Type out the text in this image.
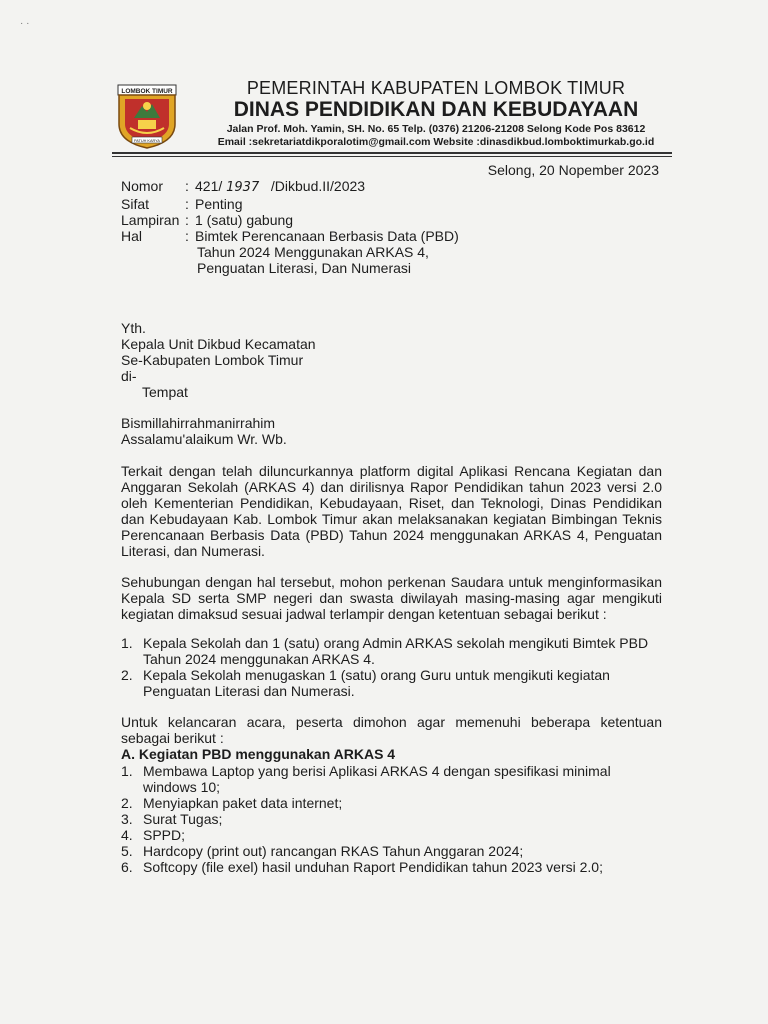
· ·
LOMBOK TIMUR
PATUH KARYA
PEMERINTAH KABUPATEN LOMBOK TIMUR
DINAS PENDIDIKAN DAN KEBUDAYAAN
Jalan Prof. Moh. Yamin, SH. No. 65 Telp. (0376) 21206-21208 Selong Kode Pos 83612
Email :sekretariatdikporalotim@gmail.com Website :dinasdikbud.lomboktimurkab.go.id
Selong, 20 Nopember 2023
Nomor	: 421/ 1937 /Dikbud.II/2023
Sifat	: Penting
Lampiran : 1 (satu) gabung
Hal	: Bimtek Perencanaan Berbasis Data (PBD)
Tahun 2024 Menggunakan ARKAS 4,
Penguatan Literasi, Dan Numerasi
Yth.
Kepala Unit Dikbud Kecamatan
Se-Kabupaten Lombok Timur
di-
Tempat
Bismillahirrahmanirrahim
Assalamu'alaikum Wr. Wb.
Terkait dengan telah diluncurkannya platform digital Aplikasi Rencana Kegiatan dan Anggaran Sekolah (ARKAS 4) dan dirilisnya Rapor Pendidikan tahun 2023 versi 2.0 oleh Kementerian Pendidikan, Kebudayaan, Riset, dan Teknologi, Dinas Pendidikan dan Kebudayaan Kab. Lombok Timur akan melaksanakan kegiatan Bimbingan Teknis Perencanaan Berbasis Data (PBD) Tahun 2024 menggunakan ARKAS 4, Penguatan Literasi, dan Numerasi.
Sehubungan dengan hal tersebut, mohon perkenan Saudara untuk menginformasikan Kepala SD serta SMP negeri dan swasta diwilayah masing-masing agar mengikuti kegiatan dimaksud sesuai jadwal terlampir dengan ketentuan sebagai berikut :
1. Kepala Sekolah dan 1 (satu) orang Admin ARKAS sekolah mengikuti Bimtek PBD Tahun 2024 menggunakan ARKAS 4.
2. Kepala Sekolah menugaskan 1 (satu) orang Guru untuk mengikuti kegiatan Penguatan Literasi dan Numerasi.
Untuk kelancaran acara, peserta dimohon agar memenuhi beberapa ketentuan sebagai berikut :
A. Kegiatan PBD menggunakan ARKAS 4
1. Membawa Laptop yang berisi Aplikasi ARKAS 4 dengan spesifikasi minimal windows 10;
2. Menyiapkan paket data internet;
3. Surat Tugas;
4. SPPD;
5. Hardcopy (print out) rancangan RKAS Tahun Anggaran 2024;
6. Softcopy (file exel) hasil unduhan Raport Pendidikan tahun 2023 versi 2.0;
